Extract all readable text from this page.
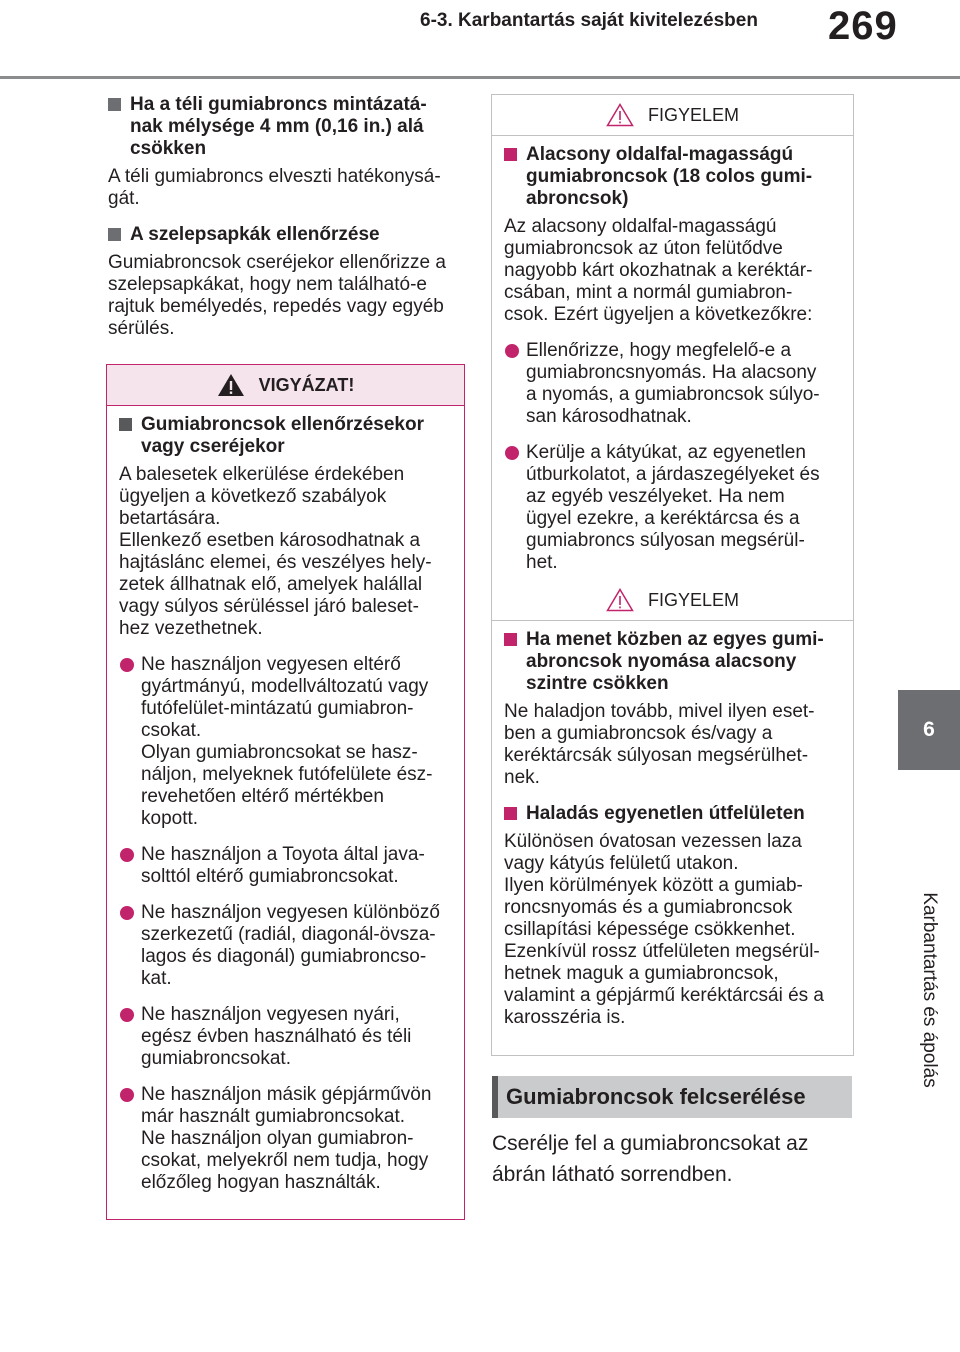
6-3. Karbantartás saját kivitelezésben 269
6
Karbantartás és ápolás
Ha a téli gumiabroncs mintázatá-
nak mélysége 4 mm (0,16 in.) alá
csökken

A téli gumiabroncs elveszti hatékonysá-
gát.

A szelepsapkák ellenőrzése

Gumiabroncsok cseréjekor ellenőrizze a
szelepsapkákat, hogy nem található-e
rajtuk bemélyedés, repedés vagy egyéb
sérülés.

VIGYÁZAT!
Gumiabroncsok ellenőrzésekor
vagy cseréjekor

A balesetek elkerülése érdekében
ügyeljen a következő szabályok
betartására.
Ellenkező esetben károsodhatnak a
hajtáslánc elemei, és veszélyes hely-
zetek állhatnak elő, amelyek halállal
vagy súlyos sérüléssel járó baleset-
hez vezethetnek.

Ne használjon vegyesen eltérő
gyártmányú, modellváltozatú vagy
futófelület-mintázatú gumiabron-
csokat.
Olyan gumiabroncsokat se hasz-
náljon, melyeknek futófelülete ész-
revehetően eltérő mértékben
kopott.
Ne használjon a Toyota által java-
solttól eltérő gumiabroncsokat.
Ne használjon vegyesen különböző
szerkezetű (radiál, diagonál-övsza-
lagos és diagonál) gumiabroncso-
kat.
Ne használjon vegyesen nyári,
egész évben használható és téli
gumiabroncsokat.
Ne használjon másik gépjárművön
már használt gumiabroncsokat.
Ne használjon olyan gumiabron-
csokat, melyekről nem tudja, hogy
előzőleg hogyan használták.
FIGYELEM
Alacsony oldalfal-magasságú
gumiabroncsok (18 colos gumi-
abroncsok)

Az alacsony oldalfal-magasságú
gumiabroncsok az úton felütődve
nagyobb kárt okozhatnak a keréktár-
csában, mint a normál gumiabron-
csok. Ezért ügyeljen a következőkre:

Ellenőrizze, hogy megfelelő-e a
gumiabroncsnyomás. Ha alacsony
a nyomás, a gumiabroncsok súlyo-
san károsodhatnak.
Kerülje a kátyúkat, az egyenetlen
útburkolatot, a járdaszegélyeket és
az egyéb veszélyeket. Ha nem
ügyel ezekre, a keréktárcsa és a
gumiabroncs súlyosan megsérül-
het.
FIGYELEM
Ha menet közben az egyes gumi-
abroncsok nyomása alacsony
szintre csökken

Ne haladjon tovább, mivel ilyen eset-
ben a gumiabroncsok és/vagy a
keréktárcsák súlyosan megsérülhet-
nek.

Haladás egyenetlen útfelületen

Különösen óvatosan vezessen laza
vagy kátyús felületű utakon.
Ilyen körülmények között a gumiab-
roncsnyomás és a gumiabroncsok
csillapítási képessége csökkenhet.
Ezenkívül rossz útfelületen megsérül-
hetnek maguk a gumiabroncsok,
valamint a gépjármű keréktárcsái és a
karosszéria is.

Gumiabroncsok felcserélése
Cserélje fel a gumiabroncsokat az
ábrán látható sorrendben.
